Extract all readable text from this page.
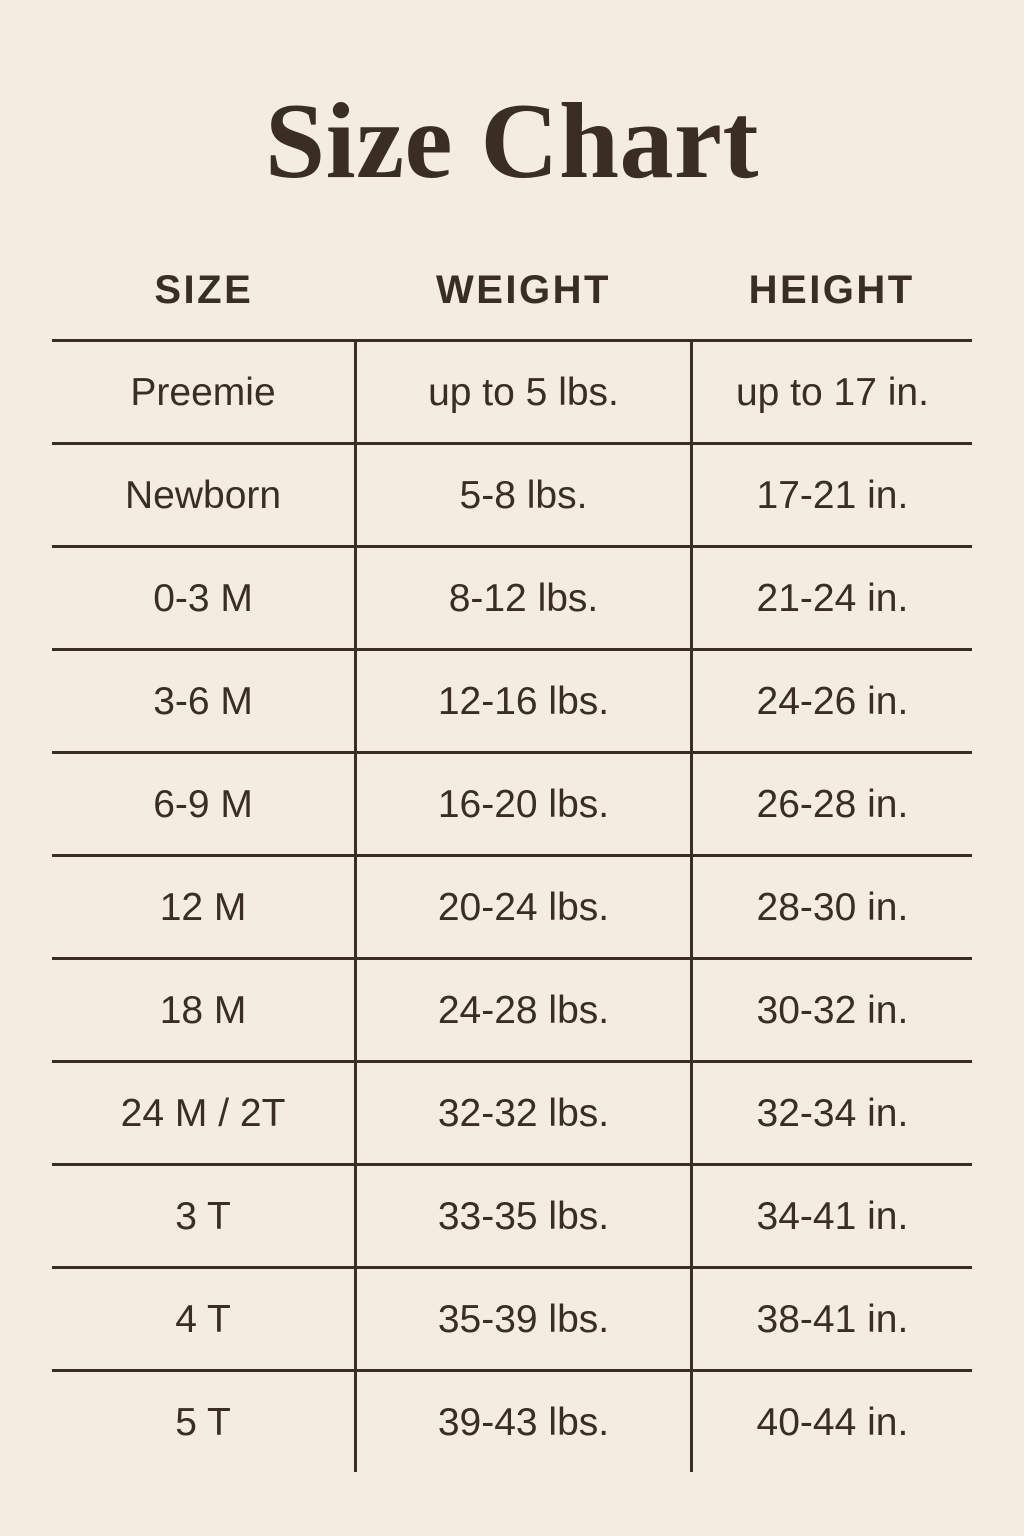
Size Chart
SIZE	WEIGHT	HEIGHT

Preemie	up to 5 lbs.	up to 17 in.

Newborn	5-8 lbs.	17-21 in.

0-3 M	8-12 lbs.	21-24 in.

3-6 M	12-16 lbs.	24-26 in.

6-9 M	16-20 lbs.	26-28 in.

12 M	20-24 lbs.	28-30 in.

18 M	24-28 lbs.	30-32 in.

24 M / 2T	32-32 lbs.	32-34 in.

3 T	33-35 lbs.	34-41 in.

4 T	35-39 lbs.	38-41 in.

5 T	39-43 lbs.	40-44 in.
